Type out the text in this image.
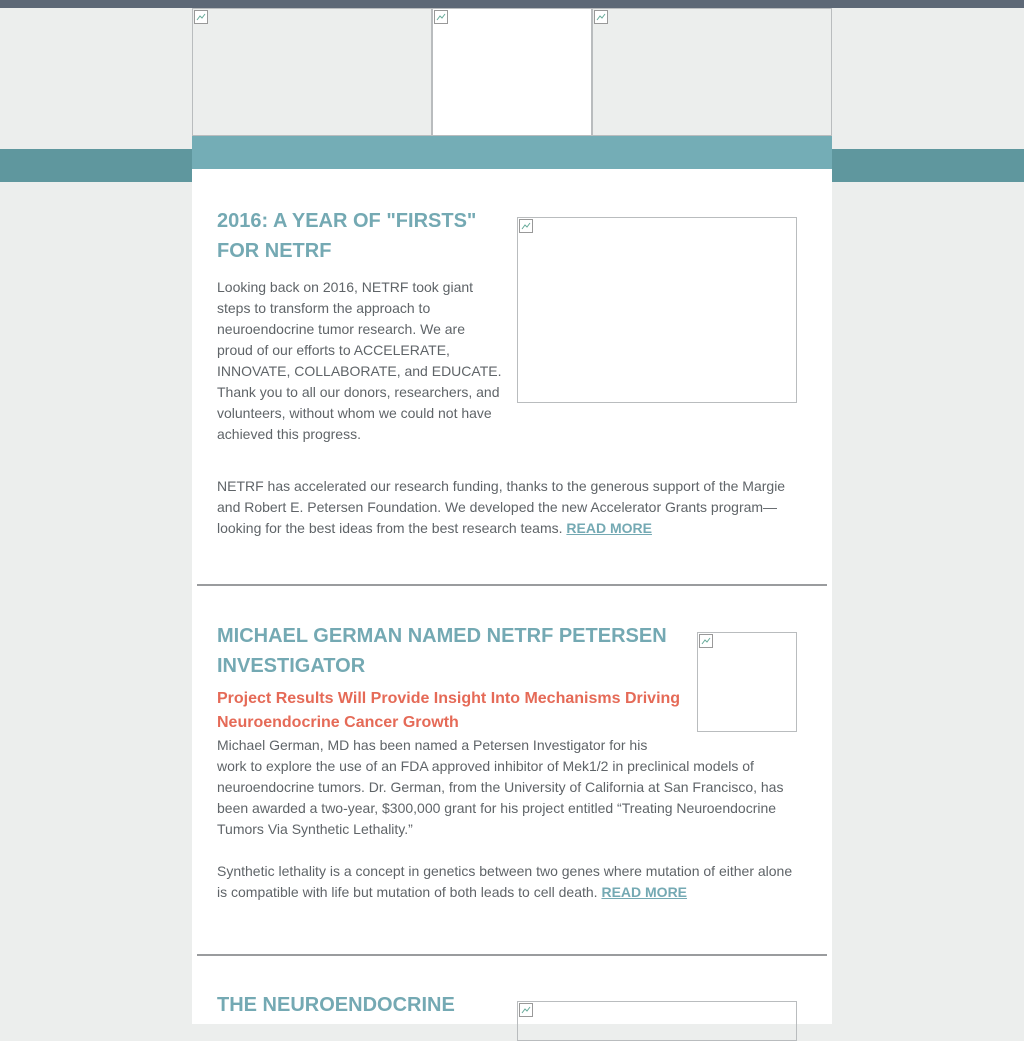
2016: A YEAR OF "FIRSTS"
FOR NETRF

Looking back on 2016, NETRF took giant
steps to transform the approach to
neuroendocrine tumor research. We are
proud of our efforts to ACCELERATE,
INNOVATE, COLLABORATE, and EDUCATE.
Thank you to all our donors, researchers, and
volunteers, without whom we could not have
achieved this progress.

NETRF has accelerated our research funding, thanks to the generous support of the Margie
and Robert E. Petersen Foundation. We developed the new Accelerator Grants program—
looking for the best ideas from the best research teams. READ MORE

MICHAEL GERMAN NAMED NETRF PETERSEN
INVESTIGATOR

Project Results Will Provide Insight Into Mechanisms Driving
Neuroendocrine Cancer Growth

Michael German, MD has been named a Petersen Investigator for his
work to explore the use of an FDA approved inhibitor of Mek1/2 in preclinical models of
neuroendocrine tumors. Dr. German, from the University of California at San Francisco, has
been awarded a two-year, $300,000 grant for his project entitled “Treating Neuroendocrine
Tumors Via Synthetic Lethality.”

Synthetic lethality is a concept in genetics between two genes where mutation of either alone
is compatible with life but mutation of both leads to cell death. READ MORE

THE NEUROENDOCRINE
